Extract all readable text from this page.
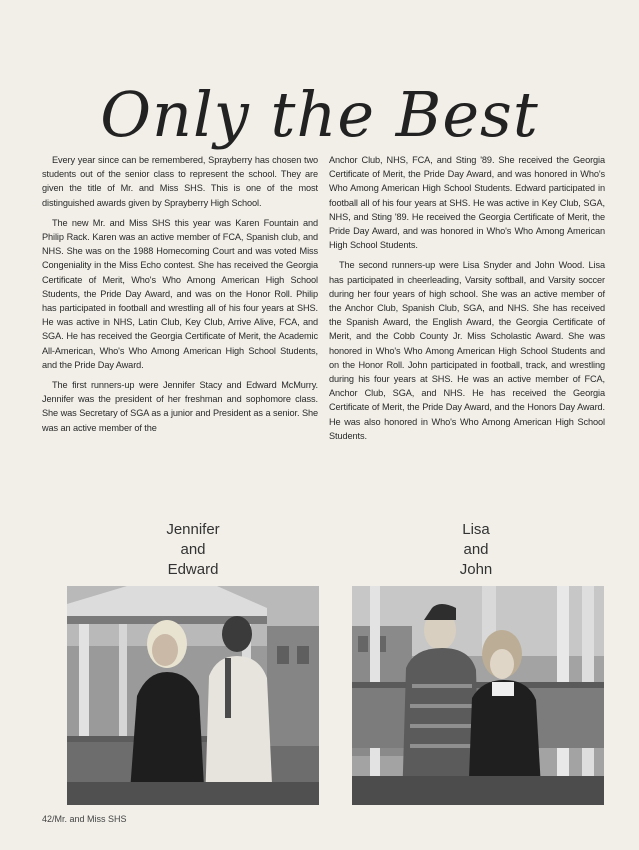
Only the Best

Every year since can be remembered, Sprayberry has chosen two students out of the senior class to represent the school. They are given the title of Mr. and Miss SHS. This is one of the most distinguished awards given by Sprayberry High School.

The new Mr. and Miss SHS this year was Karen Fountain and Philip Rack. Karen was an active member of FCA, Spanish club, and NHS. She was on the 1988 Homecoming Court and was voted Miss Congeniality in the Miss Echo contest. She has received the Georgia Certificate of Merit, Who's Who Among American High School Students, the Pride Day Award, and was on the Honor Roll. Philip has participated in football and wrestling all of his four years at SHS. He was active in NHS, Latin Club, Key Club, Arrive Alive, FCA, and SGA. He has received the Georgia Certificate of Merit, the Academic All-American, Who's Who Among American High School Students, and the Pride Day Award.

The first runners-up were Jennifer Stacy and Edward McMurry. Jennifer was the president of her freshman and sophomore class. She was Secretary of SGA as a junior and President as a senior. She was an active member of the

Anchor Club, NHS, FCA, and Sting '89. She received the Georgia Certificate of Merit, the Pride Day Award, and was honored in Who's Who Among American High School Students. Edward participated in football all of his four years at SHS. He was active in Key Club, SGA, NHS, and Sting '89. He received the Georgia Certificate of Merit, the Pride Day Award, and was honored in Who's Who Among American High School Students.

The second runners-up were Lisa Snyder and John Wood. Lisa has participated in cheerleading, Varsity softball, and Varsity soccer during her four years of high school. She was an active member of the Anchor Club, Spanish Club, SGA, and NHS. She has received the Spanish Award, the English Award, the Georgia Certificate of Merit, and the Cobb County Jr. Miss Scholastic Award. She was honored in Who's Who Among American High School Students and on the Honor Roll. John participated in football, track, and wrestling during his four years at SHS. He was an active member of FCA, Anchor Club, SGA, and NHS. He has received the Georgia Certificate of Merit, the Pride Day Award, and the Honors Day Award. He was also honored in Who's Who Among American High School Students.

Jennifer
and
Edward
Lisa
and
John
42/Mr. and Miss SHS
